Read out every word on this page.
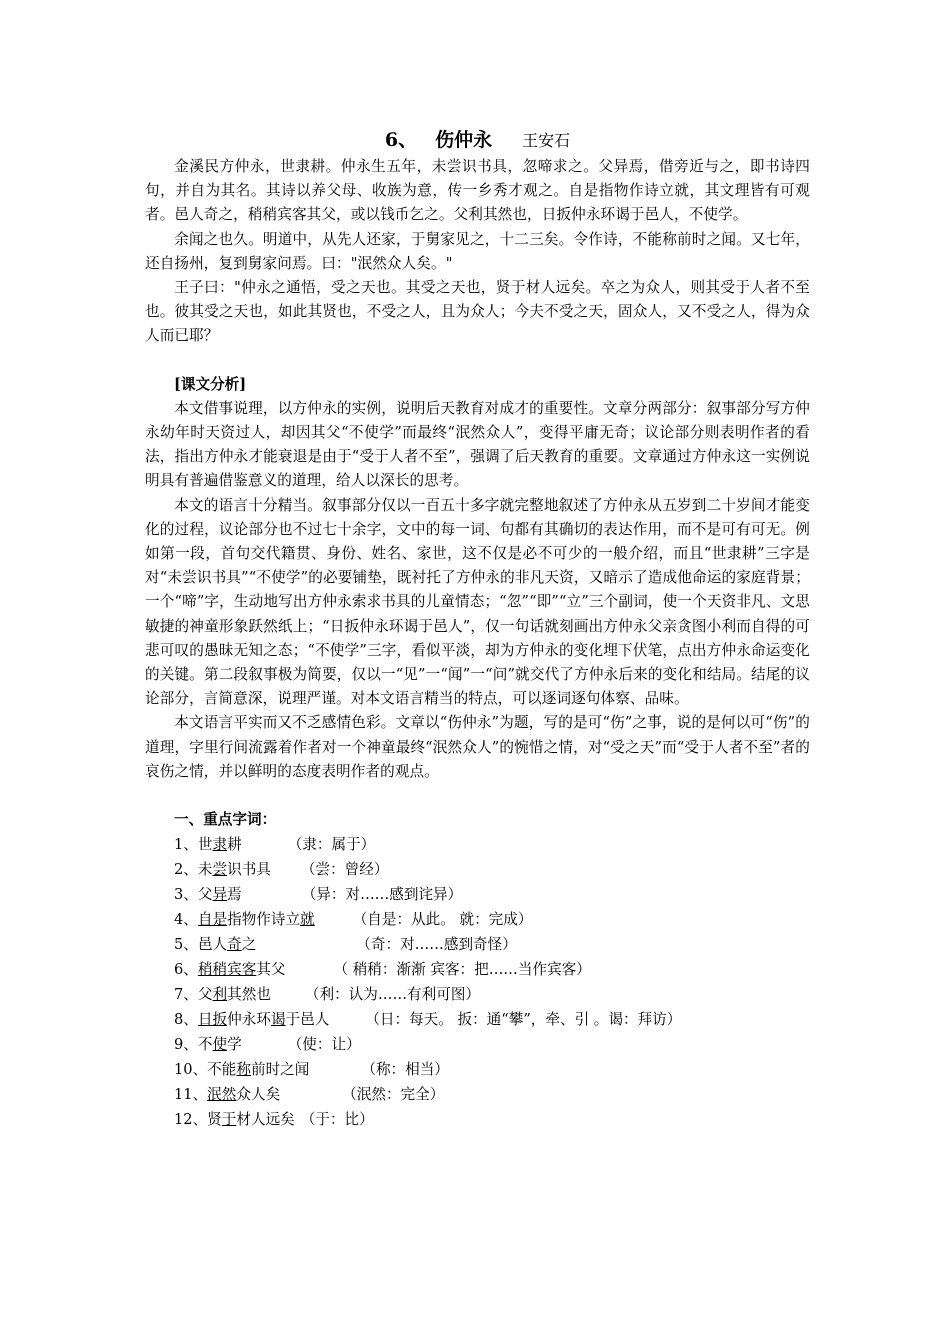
6、 伤仲永 王安石

金溪民方仲永，世隶耕。仲永生五年，未尝识书具，忽啼求之。父异焉，借旁近与之，即书诗四句，并自为其名。其诗以养父母、收族为意，传一乡秀才观之。自是指物作诗立就，其文理皆有可观者。邑人奇之，稍稍宾客其父，或以钱币乞之。父利其然也，日扳仲永环谒于邑人，不使学。

余闻之也久。明道中，从先人还家，于舅家见之，十二三矣。令作诗，不能称前时之闻。又七年，还自扬州，复到舅家问焉。曰："泯然众人矣。"

王子曰："仲永之通悟，受之天也。其受之天也，贤于材人远矣。卒之为众人，则其受于人者不至也。彼其受之天也，如此其贤也，不受之人，且为众人；今夫不受之天，固众人，又不受之人，得为众人而已耶？

[课文分析]

本文借事说理，以方仲永的实例，说明后天教育对成才的重要性。文章分两部分：叙事部分写方仲永幼年时天资过人，却因其父“不使学”而最终“泯然众人”，变得平庸无奇；议论部分则表明作者的看法，指出方仲永才能衰退是由于“受于人者不至”，强调了后天教育的重要。文章通过方仲永这一实例说明具有普遍借鉴意义的道理，给人以深长的思考。

本文的语言十分精当。叙事部分仅以一百五十多字就完整地叙述了方仲永从五岁到二十岁间才能变化的过程，议论部分也不过七十余字，文中的每一词、句都有其确切的表达作用，而不是可有可无。例如第一段，首句交代籍贯、身份、姓名、家世，这不仅是必不可少的一般介绍，而且“世隶耕”三字是对“未尝识书具”“不使学”的必要铺垫，既衬托了方仲永的非凡天资，又暗示了造成他命运的家庭背景；一个“啼”字，生动地写出方仲永索求书具的儿童情态；“忽”“即”“立”三个副词，使一个天资非凡、文思敏捷的神童形象跃然纸上；“日扳仲永环谒于邑人”，仅一句话就刻画出方仲永父亲贪图小利而自得的可悲可叹的愚昧无知之态；“不使学”三字，看似平淡，却为方仲永的变化埋下伏笔，点出方仲永命运变化的关键。第二段叙事极为简要，仅以一“见”一“闻”一“问”就交代了方仲永后来的变化和结局。结尾的议论部分，言简意深，说理严谨。对本文语言精当的特点，可以逐词逐句体察、品味。

本文语言平实而又不乏感情色彩。文章以“伤仲永”为题，写的是可“伤”之事，说的是何以可“伤”的道理，字里行间流露着作者对一个神童最终“泯然众人”的惋惜之情，对“受之天”而“受于人者不至”者的哀伤之情，并以鲜明的态度表明作者的观点。

一、重点字词：

1、世隶耕	（隶：属于）
2、未尝识书具 （尝：曾经）
3、父异焉	（异：对……感到诧异）
4、自是指物作诗立就	（自是：从此。 就：完成）
5、邑人奇之	（奇：对……感到奇怪）
6、稍稍宾客其父	（ 稍稍：渐渐 宾客：把……当作宾客）
7、父利其然也 （利：认为……有利可图）
8、日扳仲永环谒于邑人 （日：每天。 扳：通“攀”，牵、引 。谒：拜访）
9、不使学	（使：让）
10、不能称前时之闻	（称：相当）
11、泯然众人矣	（泯然：完全）
12、贤于材人远矣 （于：比）
